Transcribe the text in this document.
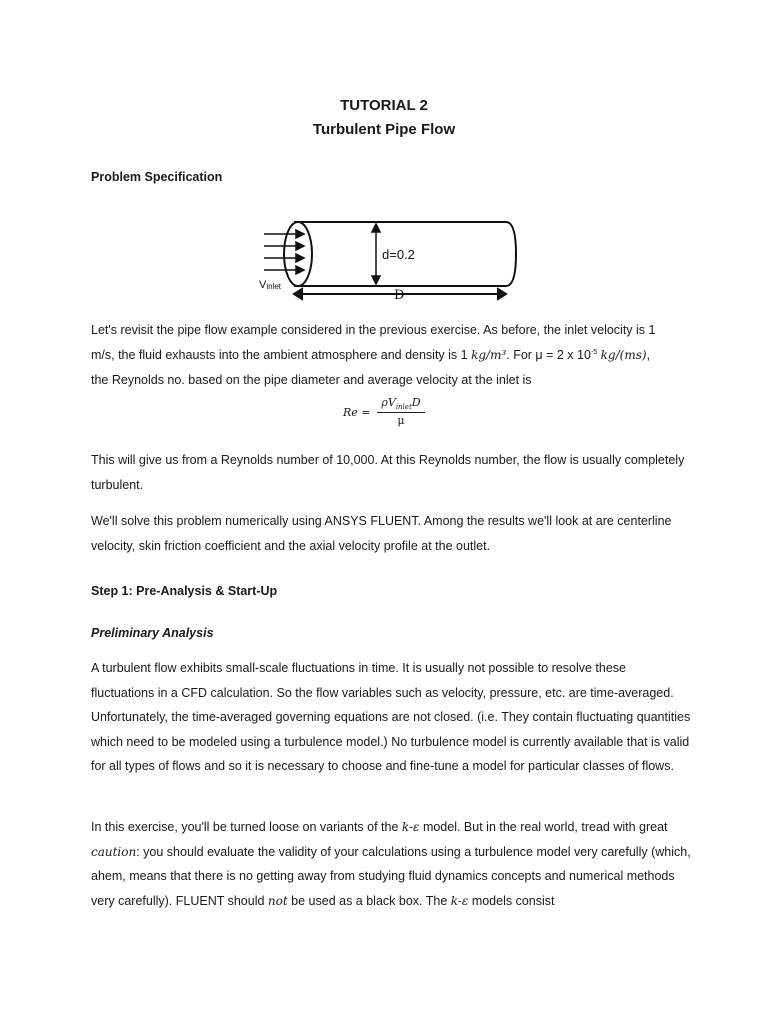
TUTORIAL 2
Turbulent Pipe Flow
Problem Specification
d=0.2
D
Vinlet
Let's revisit the pipe flow example considered in the previous exercise. As before, the inlet velocity is 1
m/s, the fluid exhausts into the ambient atmosphere and density is 1 kg/m³. For μ = 2 x $10^{-5}$ kg/(ms),
the Reynolds no. based on the pipe diameter and average velocity at the inlet is
Re =
$\rho V_{inlet}D$
μ

This will give us from a Reynolds number of 10,000. At this Reynolds number, the flow is usually completely turbulent.

We'll solve this problem numerically using ANSYS FLUENT. Among the results we'll look at are centerline velocity, skin friction coefficient and the axial velocity profile at the outlet.

Step 1: Pre-Analysis & Start-Up
Preliminary Analysis

A turbulent flow exhibits small-scale fluctuations in time. It is usually not possible to resolve these fluctuations in a CFD calculation. So the flow variables such as velocity, pressure, etc. are time-averaged. Unfortunately, the time-averaged governing equations are not closed. (i.e. They contain fluctuating quantities which need to be modeled using a turbulence model.) No turbulence model is currently available that is valid for all types of flows and so it is necessary to choose and fine-tune a model for particular classes of flows.

In this exercise, you'll be turned loose on variants of the k-ε model. But in the real world, tread with great caution: you should evaluate the validity of your calculations using a turbulence model very carefully (which, ahem, means that there is no getting away from studying fluid dynamics concepts and numerical methods very carefully). FLUENT should not be used as a black box. The k-ε models consist
